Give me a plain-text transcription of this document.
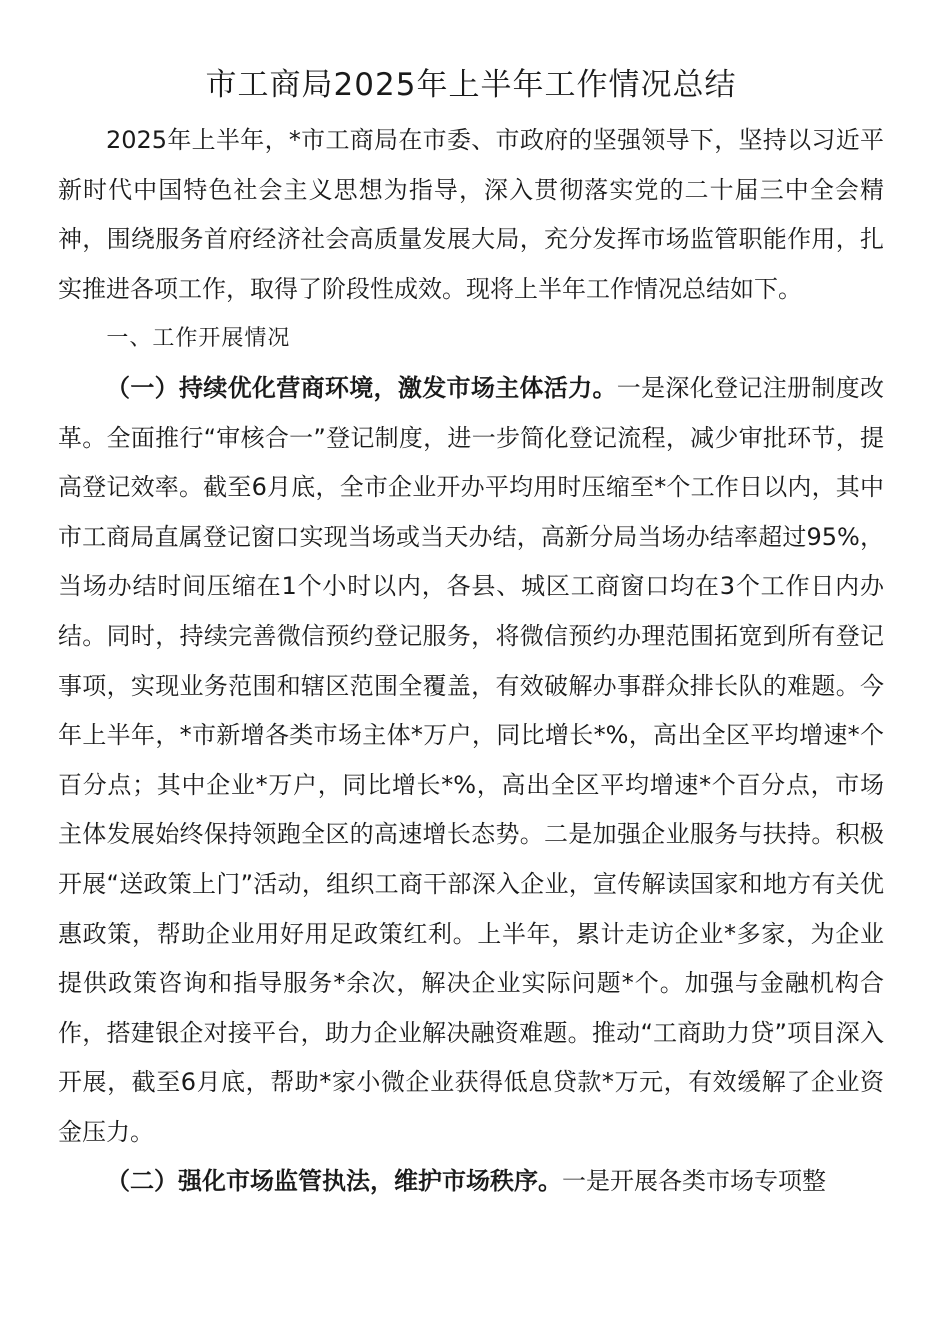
市工商局2025年上半年工作情况总结

2025年上半年，*市工商局在市委、市政府的坚强领导下，坚持以习近平新时代中国特色社会主义思想为指导，深入贯彻落实党的二十届三中全会精神，围绕服务首府经济社会高质量发展大局，充分发挥市场监管职能作用，扎实推进各项工作，取得了阶段性成效。现将上半年工作情况总结如下。

一、工作开展情况

（一）持续优化营商环境，激发市场主体活力。一是深化登记注册制度改革。全面推行“审核合一”登记制度，进一步简化登记流程，减少审批环节，提高登记效率。截至6月底，全市企业开办平均用时压缩至*个工作日以内，其中市工商局直属登记窗口实现当场或当天办结，高新分局当场办结率超过95%，当场办结时间压缩在1个小时以内，各县、城区工商窗口均在3个工作日内办结。同时，持续完善微信预约登记服务，将微信预约办理范围拓宽到所有登记事项，实现业务范围和辖区范围全覆盖，有效破解办事群众排长队的难题。今年上半年，*市新增各类市场主体*万户，同比增长*%，高出全区平均增速*个百分点；其中企业*万户，同比增长*%，高出全区平均增速*个百分点，市场主体发展始终保持领跑全区的高速增长态势。二是加强企业服务与扶持。积极开展“送政策上门”活动，组织工商干部深入企业，宣传解读国家和地方有关优惠政策，帮助企业用好用足政策红利。上半年，累计走访企业*多家，为企业提供政策咨询和指导服务*余次，解决企业实际问题*个。加强与金融机构合作，搭建银企对接平台，助力企业解决融资难题。推动“工商助力贷”项目深入开展，截至6月底，帮助*家小微企业获得低息贷款*万元，有效缓解了企业资金压力。

（二）强化市场监管执法，维护市场秩序。一是开展各类市场专项整
